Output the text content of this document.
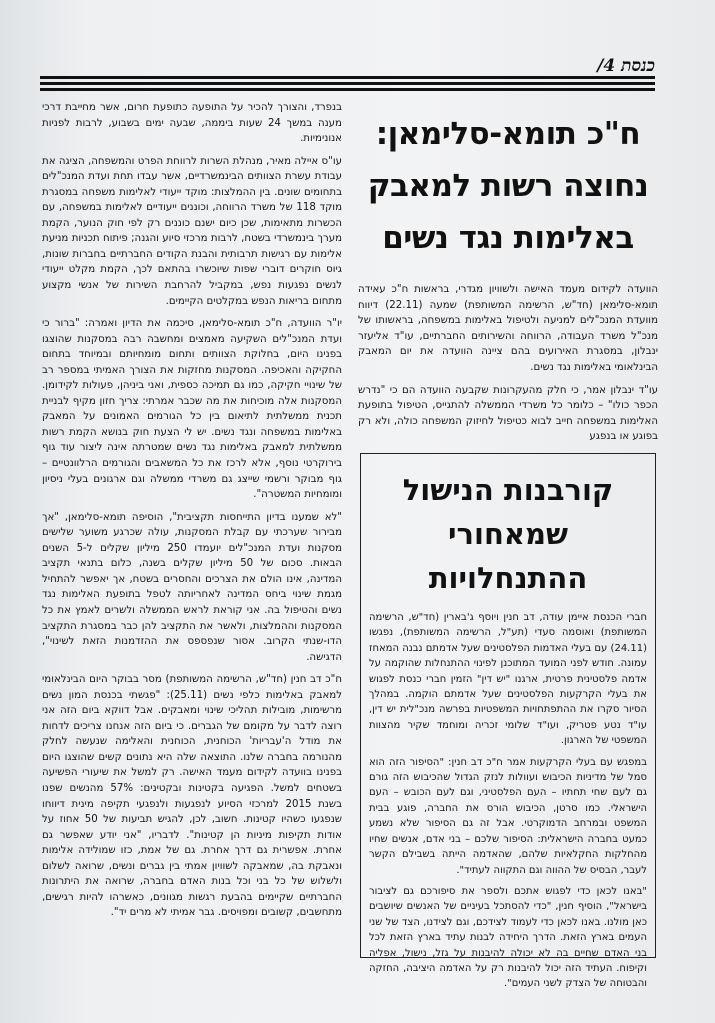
כנסת 4/
ח"כ תומא-סלימאן:
נחוצה רשות למאבק
באלימות נגד נשים

הוועדה לקידום מעמד האישה ולשוויון מגדרי, בראשות ח"כ עאידה תומא-סלימאן (חד"ש, הרשימה המשותפת) שמעה (22.11) דיווח מוועדת המנכ"לים למניעה ולטיפול באלימות במשפחה, בראשותו של מנכ"ל משרד העבודה, הרווחה והשירותים החברתיים, עו"ד אליעזר ינבלון, במסגרת האירועים בהם ציינה הוועדה את יום המאבק הבינלאומי באלימות נגד נשים.

עו"ד ינבלון אמר, כי חלק מהעקרונות שקבעה הוועדה הם כי "נדרש הכפר כולו" – כלומר כל משרדי הממשלה להתגייס, הטיפול בתופעת האלימות במשפחה חייב לבוא כטיפול לחיזוק המשפחה כולה, ולא רק בפוגע או בנפגע

בנפרד, והצורך להכיר על התופעה כתופעת חרום, אשר מחייבת דרכי מענה במשך 24 שעות ביממה, שבעה ימים בשבוע, לרבות לפניות אנונימיות.

עו"ס איילה מאיר, מנהלת השרות לרווחת הפרט והמשפחה, הציגה את עבודת עשרת הצוותים הבינמשרדיים, אשר עבדו תחת ועדת המנכ"לים בתחומים שונים. בין ההמלצות: מוקד ייעודי לאלימות משפחה במסגרת מוקד 118 של משרד הרווחה, וכוננים ייעודיים לאלימות במשפחה, עם הכשרות מתאימות, שכן כיום ישנם כוננים רק לפי חוק הנוער, הקמת מערך בינמשרדי בשטח, לרבות מרכזי סיוע והגנה; פיתוח תכניות מניעת אלימות עם רגישות תרבותית והבנת הקודים החברתיים בחברות שונות, גיוס חוקרים דוברי שפות שיוכשרו בהתאם לכך, הקמת מקלט ייעודי לנשים נפגעות נפש, במקביל להרחבת השירות של אנשי מקצוע מתחום בריאות הנפש במקלטים הקיימים.

יו"ר הוועדה, ח"כ תומא-סלימאן, סיכמה את הדיון ואמרה: "ברור כי ועדת המנכ"לים השקיעה מאמצים ומחשבה רבה במסקנות שהוצגו בפנינו היום, בחלוקת הצוותים ותחום מומחיותם ובמיוחד בתחום החקיקה והאכיפה. המסקנות מחזקות את הצורך האמיתי במספר רב של שינויי חקיקה, כמו גם תמיכה כספית, ואני ביניהן, פעולות לקידומן. המסקנות אלה מוכיחות את מה שכבר אמרתי: צריך חזון מקיף לבניית תכנית ממשלתית לתיאום בין כל הגורמים האמונים על המאבק באלימות במשפחה ונגד נשים. יש לי הצעת חוק בנושא הקמת רשות ממשלתית למאבק באלימות נגד נשים שמטרתה אינה ליצור עוד גוף בירוקרטי נוסף, אלא לרכז את כל המשאבים והגורמים הרלוונטיים – גוף מבוקר ורשמי שייצג גם משרדי ממשלה וגם ארגונים בעלי ניסיון ומומחיות המשטרה".

"לא שמענו בדיון התייחסות תקציבית", הוסיפה תומא-סלימאן, "אך מבירור שערכתי עם קבלת המסקנות, עולה שכרגע משוער שלישים מסקנות ועדת המנכ"לים יועמדו 250 מיליון שקלים ל-5 השנים הבאות. סכום של 50 מיליון שקלים בשנה, כלום בתנאי תקציב המדינה, אינו הולם את הצרכים והחסרים בשטח, אך יאפשר להתחיל מגמת שינוי ביחס המדינה לאחריותה לטפל בתופעת האלימות נגד נשים והטיפול בה. אני קוראת לראש הממשלה ולשרים לאמץ את כל המסקנות וההמלצות, ולאשר את התקציב להן כבר במסגרת התקציב הדו-שנתי הקרוב. אסור שנפספס את ההזדמנות הזאת לשינוי", הדגישה.

ח"כ דב חנין (חד"ש, הרשימה המשותפת) מסר בבוקר היום הבינלאומי למאבק באלימות כלפי נשים (25.11): "פגשתי בכנסת המון נשים מרשימות, מובילות תהליכי שינוי ומאבקים. אבל דווקא ביום הזה אני רוצה לדבר על מקומם של הגברים. כי ביום הזה אנחנו צריכים לדחות את מודל ה'עבריות' הכוחנית, הכוחנית והאלימה שנעשה לחלק מהנורמה בחברה שלנו. התוצאה שלה היא נתונים קשים שהוצגו היום בפנינו בוועדה לקידום מעמד האישה. רק למשל את שיעורי הפשיעה בשטחים למשל. הפגיעה בקטינות ובקטינים: 57% מהנשים שפנו בשנת 2015 למרכזי הסיוע לנפגעות ולנפגעי תקיפה מינית דיווחו שנפגעו כשהיו קטינות. חשוב, לכן, להגיש תביעות של 50 אחוז על אודות תקיפות מיניות הן קטינות". לדבריו, "אני יודע שאפשר גם אחרת. אפשרית גם דרך אחרת. גם של אמת, כזו שמולידה אלימות ונאבקת בה, שמאבקה לשוויון אמתי בין גברים ונשים, שרואה לשלום ולשלוש של כל בני וכל בנות האדם בחברה, שרואה את היתרונות החברתיים שקיימים בהבעת רגשות מגוונים, כאשרהו להיות רגישים, מתחשבים, קשובים ומפויסים. גבר אמיתי לא מרים יד".

קורבנות הנישול
שמאחורי ההתנחלויות

חברי הכנסת איימן עודה, דב חנין ויוסף ג'בארין (חד"ש, הרשימה המשותפת) ואוסמה סעדי (תע"ל, הרשימה המשותפת), נפגשו (24.11) עם בעלי האדמות הפלסטינים שעל אדמתם נבנה המאחז עמונה. חודש לפני המועד המתוכנן לפינוי ההתנחלות שהוקמה על אדמה פלסטינית פרטית, ארגנו "יש דין" הזמין חברי כנסת לפגוש את בעלי הקרקעות הפלסטינים שעל אדמתם הוקמה. במהלך הסיור סקרו את ההתפתחויות המשפטיות בפרשה מנכ"לית יש דין, עו"ד נטע פטריק, ועו"ד שלומי זכריה ומוחמד שקיר מהצוות המשפטי של הארגון.

במפגש עם בעלי הקרקעות אמר ח"כ דב חנין: "הסיפור הזה הוא סמל של מדיניות הכיבוש ועוולות לנזק הגדול שהכיבוש הזה גורם גם לעם שחי תחתיו – העם הפלסטיני, וגם לעם הכובש – העם הישראלי. כמו סרטן, הכיבוש הורס את החברה, פוגע בבית המשפט ובמרחב הדמוקרטי. אבל זה גם הסיפור שלא נשמע כמעט בחברה הישראלית: הסיפור שלכם – בני אדם, אנשים שחיו מהחלקות החקלאיות שלהם, שהאדמה הייתה בשבילם הקשר לעבר, הבסיס של ההווה וגם התקווה לעתיד".

"באנו לכאן כדי לפגוש אתכם ולספר את סיפורכם גם לציבור בישראל", הוסיף חנין, "כדי להסתכל בעיניים של האנשים שיושבים כאן מולנו. באנו לכאן כדי לעמוד לצידכם, וגם לצידנו, הצד של שני העמים בארץ הזאת. הדרך היחידה לבנות עתיד בארץ הזאת לכל בני האדם שחיים בה לא יכולה להיבנות על גזל, נישול, אפליה וקיפוח. העתיד הזה יכול להיבנות רק על האדמה היציבה, החזקה והבטוחה של הצדק לשני העמים".
